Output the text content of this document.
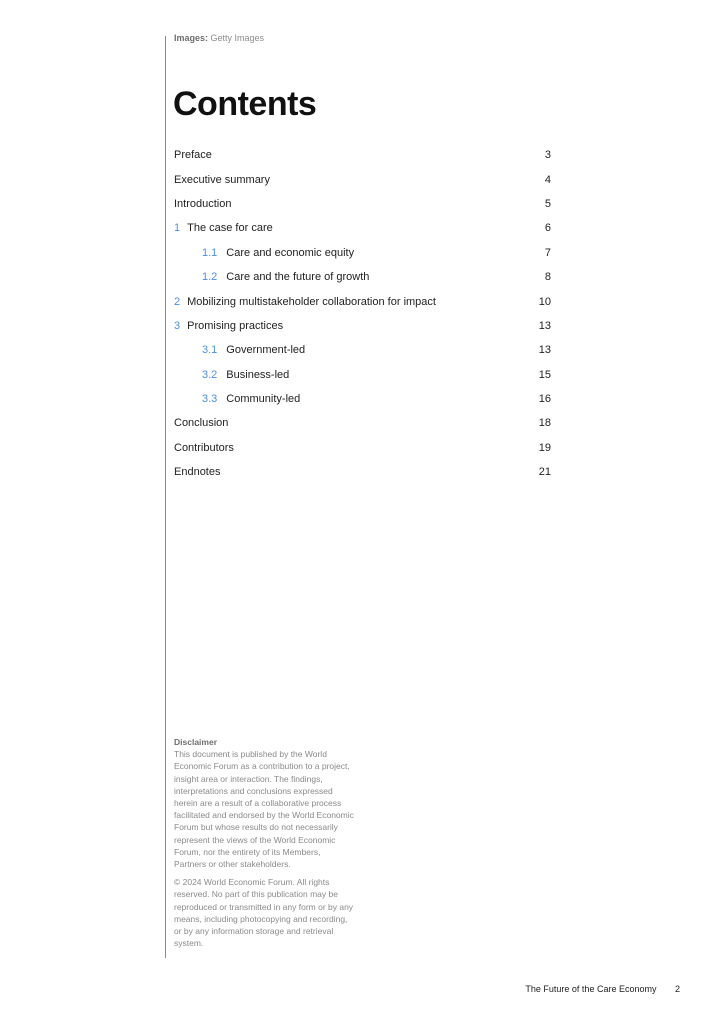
Images: Getty Images
Contents
Preface	3
Executive summary	4
Introduction	5
1 The case for care	6
1.1 Care and economic equity	7
1.2 Care and the future of growth	8
2 Mobilizing multistakeholder collaboration for impact	10
3 Promising practices	13
3.1 Government-led	13
3.2 Business-led	15
3.3 Community-led	16
Conclusion	18
Contributors	19
Endnotes	21
Disclaimer

This document is published by the World Economic Forum as a contribution to a project, insight area or interaction. The findings, interpretations and conclusions expressed herein are a result of a collaborative process facilitated and endorsed by the World Economic Forum but whose results do not necessarily represent the views of the World Economic Forum, nor the entirety of its Members, Partners or other stakeholders.

© 2024 World Economic Forum. All rights reserved. No part of this publication may be reproduced or transmitted in any form or by any means, including photocopying and recording, or by any information storage and retrieval system.

The Future of the Care Economy 2
